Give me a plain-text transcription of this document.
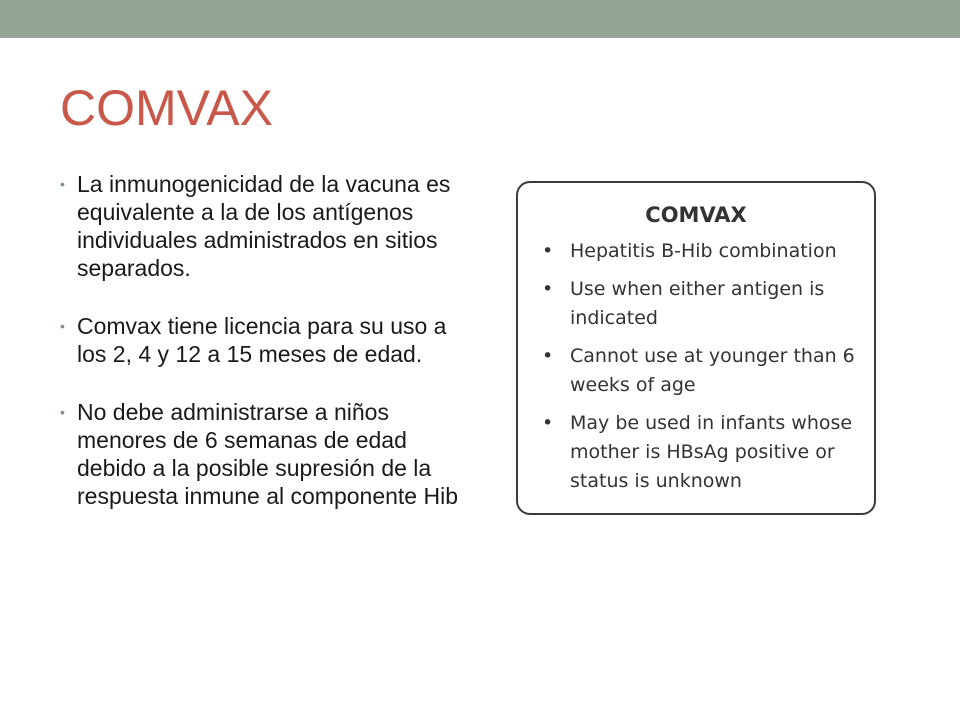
COMVAX
• La inmunogenicidad de la vacuna es equivalente a la de los antígenos individuales administrados en sitios separados.
• Comvax tiene licencia para su uso a los 2, 4 y 12 a 15 meses de edad.
• No debe administrarse a niños menores de 6 semanas de edad debido a la posible supresión de la respuesta inmune al componente Hib
COMVAX
• Hepatitis B-Hib combination
• Use when either antigen is indicated
• Cannot use at younger than 6 weeks of age
• May be used in infants whose mother is HBsAg positive or status is unknown
